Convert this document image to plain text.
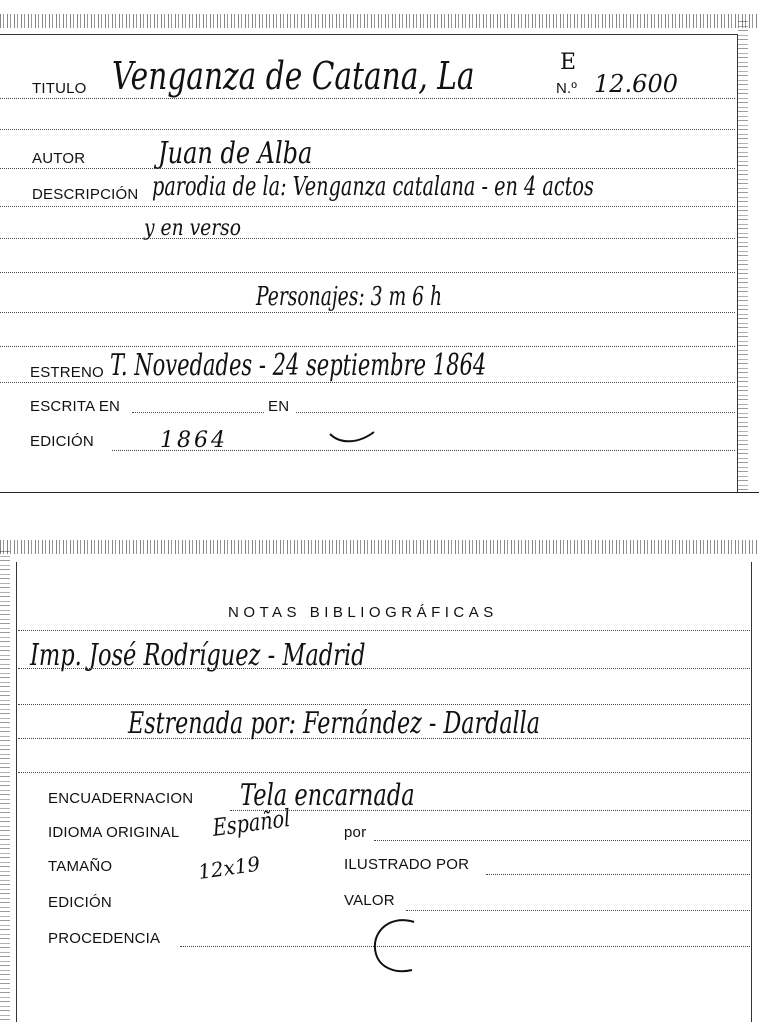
TITULO Venganza de Catana, La	E
N.º 12.600
AUTOR Juan de Alba
DESCRIPCIÓN parodia de la: Venganza catalana - en 4 actos
y en verso
Personajes: 3 m 6 h
ESTRENO T. Novedades - 24 septiembre 1864
ESCRITA EN	EN
EDICIÓN	1864
NOTAS BIBLIOGRÁFICAS
Imp. José Rodríguez - Madrid
Estrenada por: Fernández - Dardalla
ENCUADERNACION Tela encarnada
IDIOMA ORIGINAL Español	por
TAMAÑO	12x19	ILUSTRADO POR
EDICIÓN	VALOR
PROCEDENCIA
